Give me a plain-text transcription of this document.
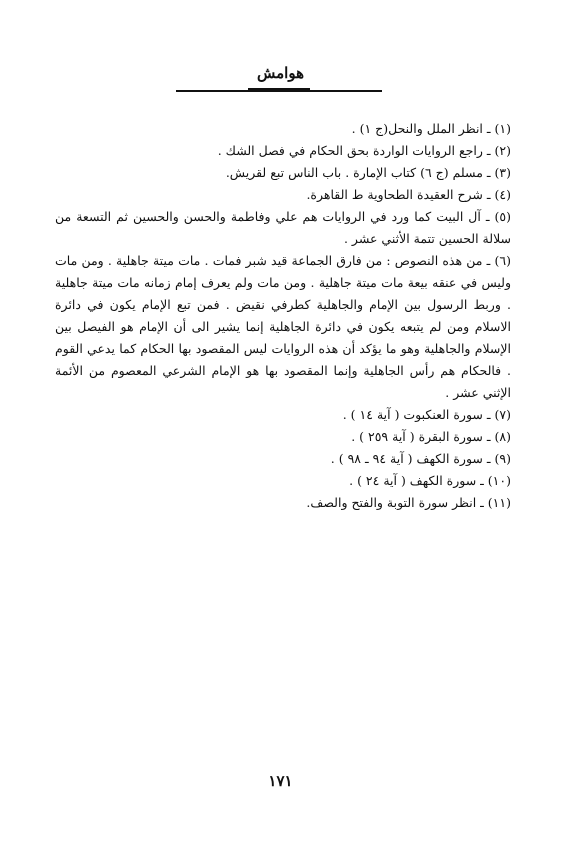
هوامش

(١) ـ انظر الملل والنحل(ج ١) .

(٢) ـ راجع الروايات الواردة بحق الحكام في فصل الشك .

(٣) ـ مسلم (ج ٦) كتاب الإمارة . باب الناس تبع لقريش.

(٤) ـ شرح العقيدة الطحاوية ط القاهرة.

(٥) ـ آل البيت كما ورد في الروايات هم علي وفاطمة والحسن والحسين ثم التسعة من سلالة الحسين تتمة الأثني عشر .

(٦) ـ من هذه النصوص : من فارق الجماعة قيد شبر فمات . مات ميتة جاهلية . ومن مات وليس في عنقه بيعة مات ميتة جاهلية . ومن مات ولم يعرف إمام زمانه مات ميتة جاهلية . وربط الرسول بين الإمام والجاهلية كطرفي نقيض . فمن تبع الإمام يكون في دائرة الاسلام ومن لم يتبعه يكون في دائرة الجاهلية إنما يشير الى أن الإمام هو الفيصل بين الإسلام والجاهلية وهو ما يؤكد أن هذه الروايات ليس المقصود بها الحكام كما يدعي القوم . فالحكام هم رأس الجاهلية وإنما المقصود بها هو الإمام الشرعي المعصوم من الأئمة الإثني عشر .

(٧) ـ سورة العنكبوت ( آية ١٤ ) .

(٨) ـ سورة البقرة ( آية ٢٥٩ ) .

(٩) ـ سورة الكهف ( آية ٩٤ ـ ٩٨ ) .

(١٠) ـ سورة الكهف ( آية ٢٤ ) .

(١١) ـ انظر سورة التوبة والفتح والصف.

١٧١
